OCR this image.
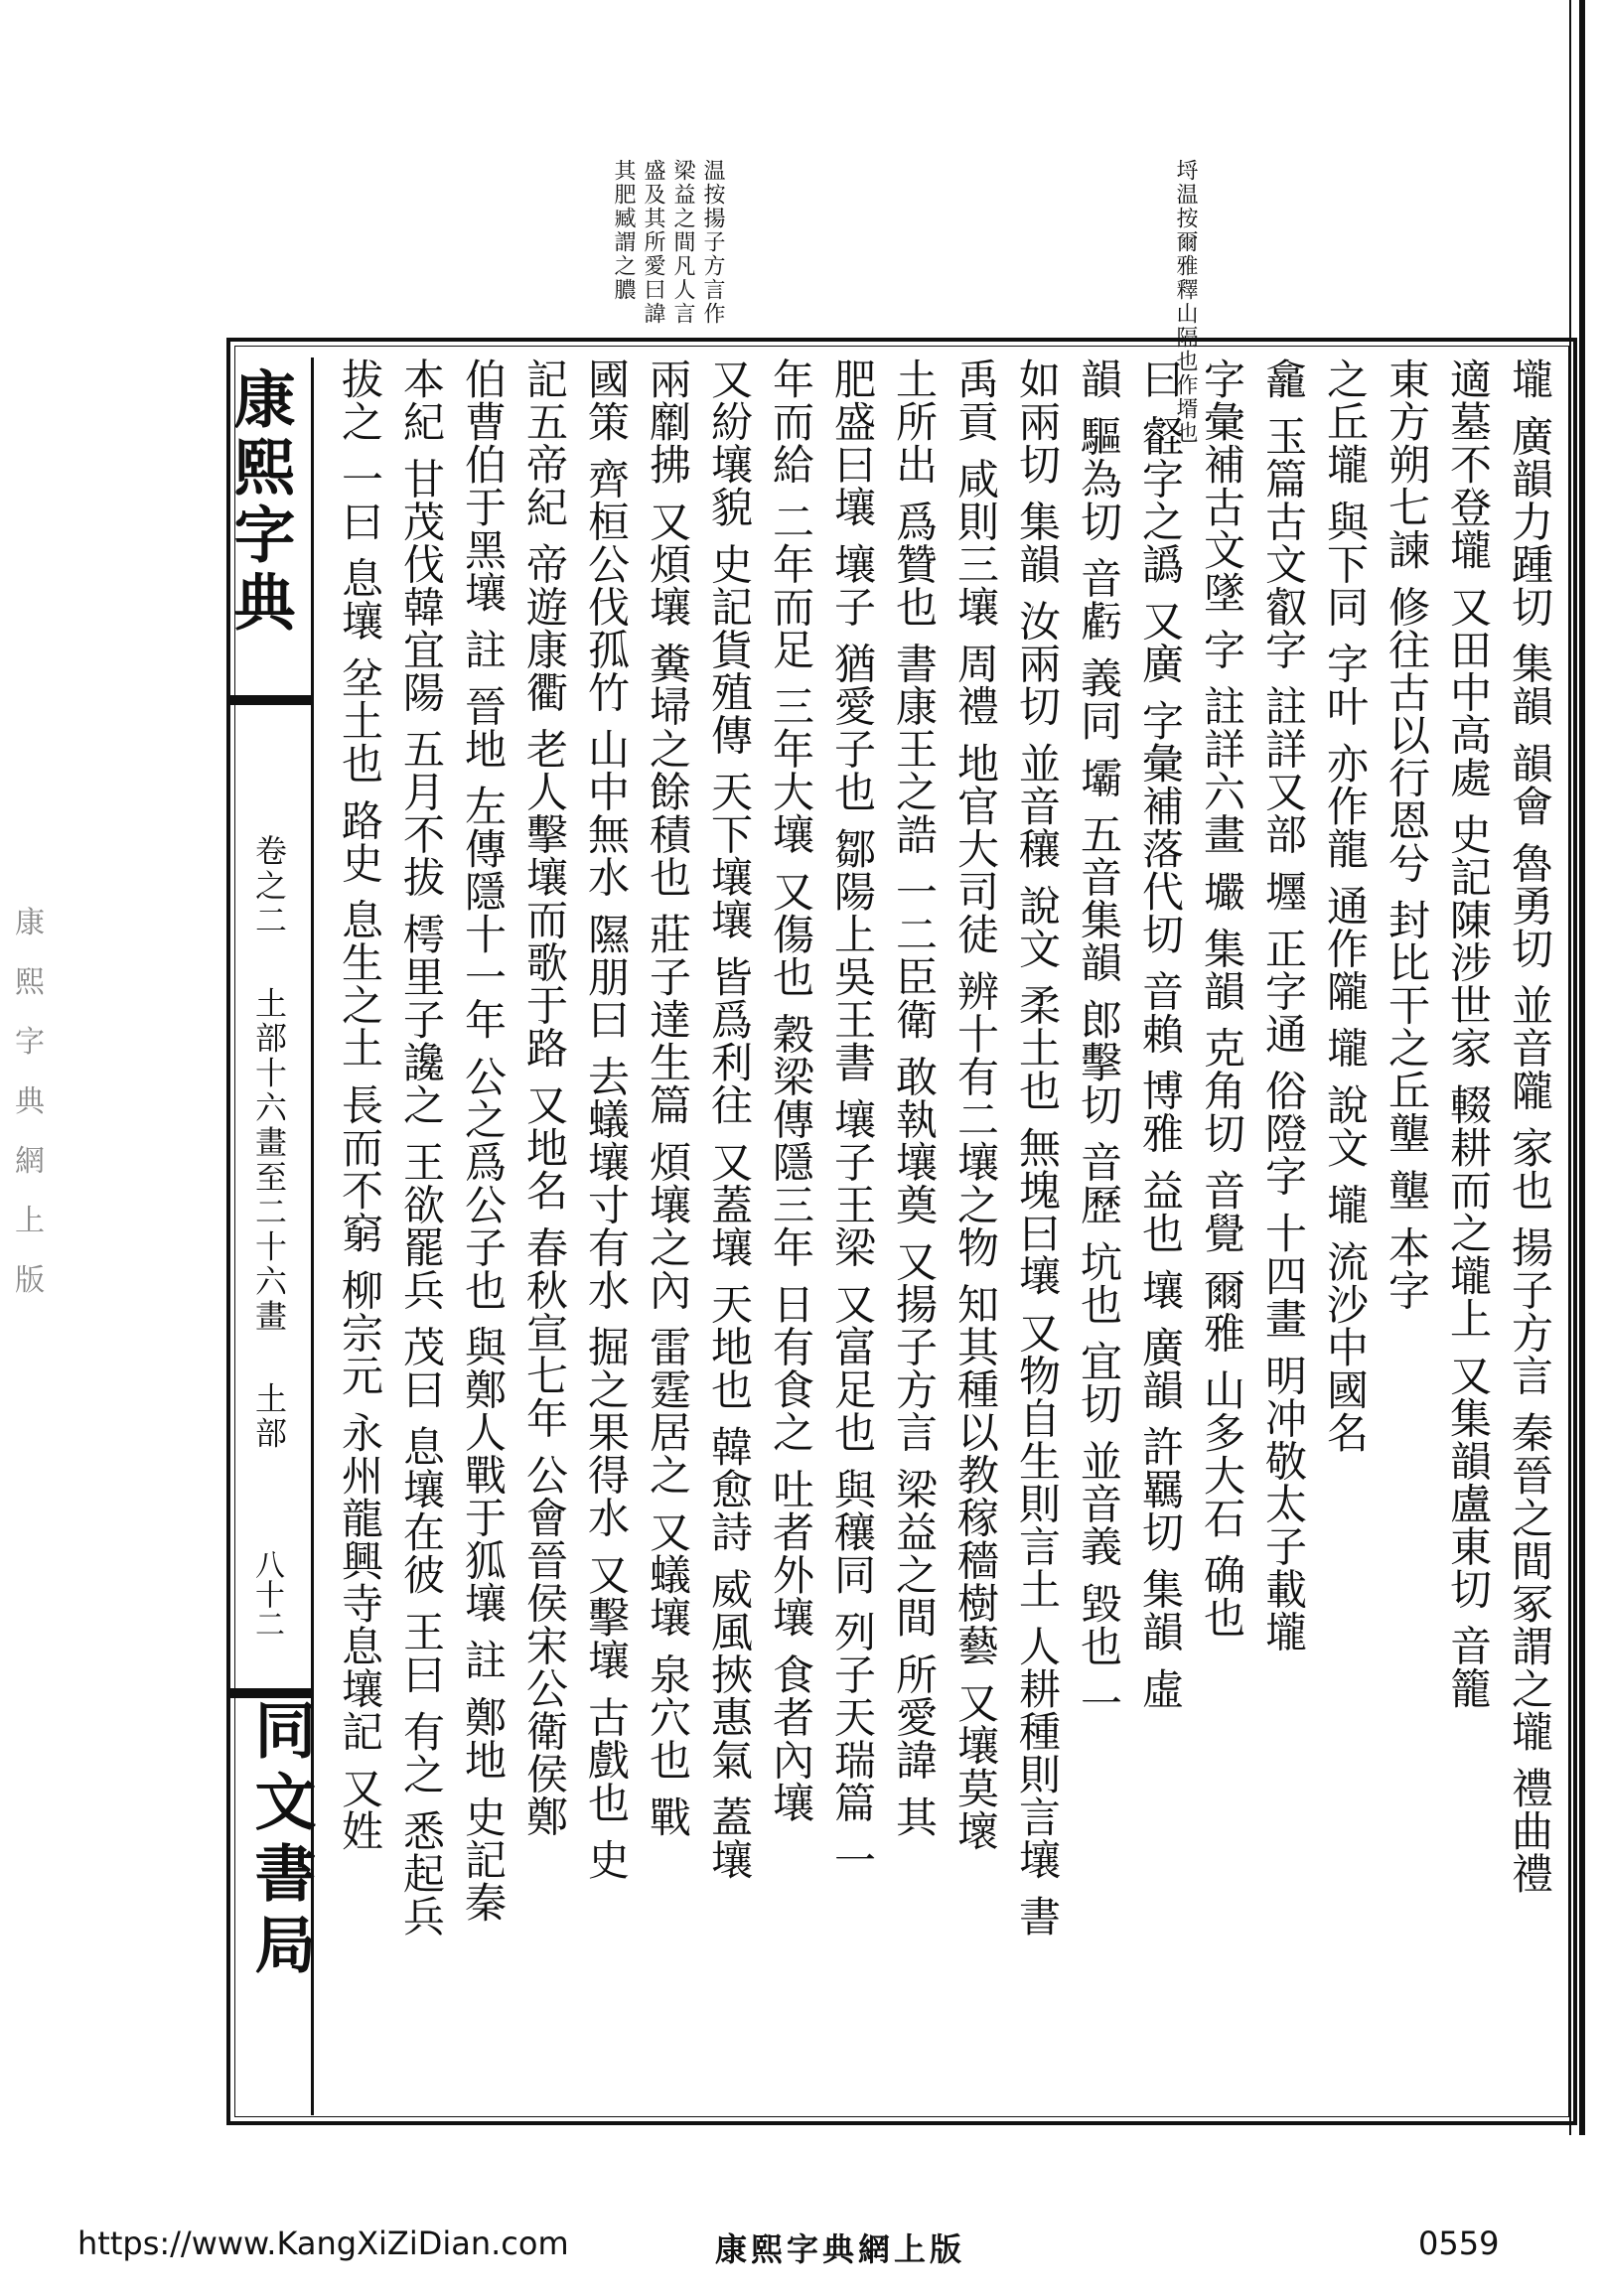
埒温按爾雅釋山隔也作壻也
温按揚子方言作梁益之間凡人言盛及其所愛曰諱其肥臧謂之膿
康熙字典
卷之二　 土部十六畫至二十六畫　 土部
八十二
同文書局	壠 廣韻力踵切 集韻 韻會 魯勇切 並音隴 家也 揚子方言 秦晉之間冢謂之壠 禮曲禮
適墓不登壠 又田中高處 史記陳涉世家 輟耕而之壠上 又集韻盧東切 音籠
東方朔七諫 修往古以行恩兮 封比干之丘壟 壟 本字
之丘壠 與下同 字叶 亦作龍 通作隴 壠 說文 壠 流沙中國名
龕 玉篇古文叡字 註詳又部 壥 正字通 俗隥字 十四畫 明冲敬太子載壠
字彙補古文墜 字 註詳六畫 壧 集韻 克角切 音覺 爾雅 山多大石 确也
曰 壡字之譌 又廣 字彙補落代切 音賴 博雅 益也 壤 廣韻 許羈切 集韻 虛
韻 驅為切 音虧 義同 壩 五音集韻 郎擊切 音歷 坑也 宜切 並音義 毀也 一
如兩切 集韻 汝兩切 並音穰 說文 柔土也 無塊曰壤 又物自生則言土 人耕種則言壤 書
禹貢 咸則三壤 周禮 地官大司徒 辨十有二壤之物 知其種以教稼穡樹藝 又壤莫壞
土所出 爲贊也 書康王之誥 一二臣衛 敢執壤奠 又揚子方言 梁益之間 所愛諱 其
肥盛曰壤 壤子 猶愛子也 鄒陽上吳王書 壤子王梁 又富足也 與穰同 列子天瑞篇 一
年而給 二年而足 三年大壤 又傷也 穀梁傳隱三年 日有食之 吐者外壤 食者內壤
又紛壤貌 史記貨殖傳 天下壤壤 皆爲利往 又蓋壤 天地也 韓愈詩 威風挾惠氣 蓋壤
兩劘拂 又煩壤 糞埽之餘積也 莊子達生篇 煩壤之內 雷霆居之 又蟻壤 泉穴也 戰
國策 齊桓公伐孤竹 山中無水 隰朋曰 去蟻壤寸有水 掘之果得水 又擊壤 古戲也 史
記五帝紀 帝遊康衢 老人擊壤而歌于路 又地名 春秋宣七年 公會晉侯宋公衛侯鄭
伯曹伯于黑壤 註 晉地 左傳隱十一年 公之爲公子也 與鄭人戰于狐壤 註 鄭地 史記秦
本紀 甘茂伐韓宜陽 五月不拔 樗里子讒之 王欲罷兵 茂曰 息壤在彼 王曰 有之 悉起兵
拔之 一曰 息壤 坌土也 路史 息生之土 長而不窮 柳宗元 永州龍興寺息壤記 又姓
康熙字典網上版
https://www.KangXiZiDian.com	康熙字典網上版	0559
